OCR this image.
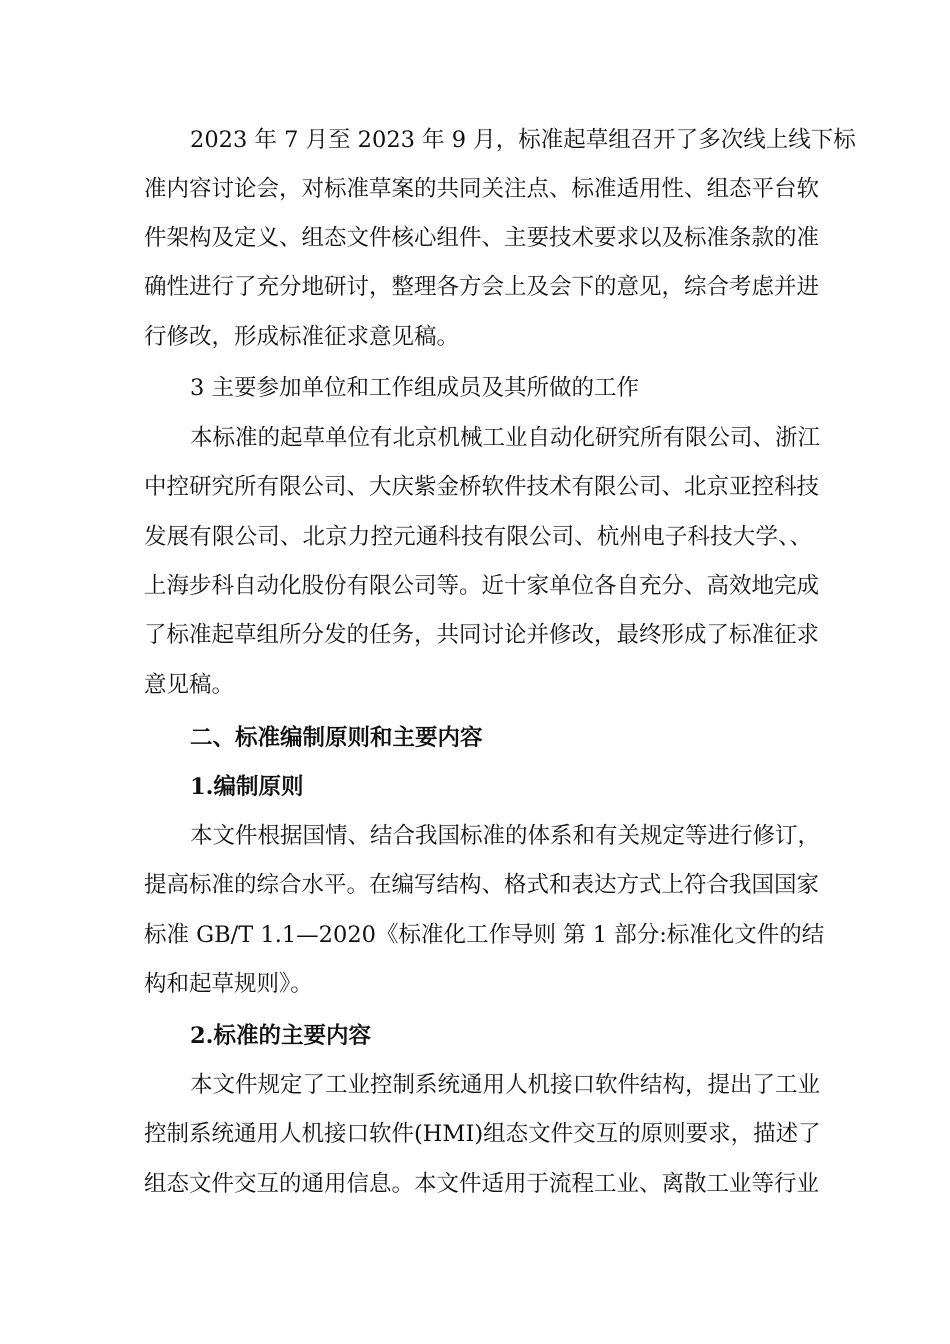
2023 年 7 月至 2023 年 9 月，标准起草组召开了多次线上线下标
准内容讨论会，对标准草案的共同关注点、标准适用性、组态平台软
件架构及定义、组态文件核心组件、主要技术要求以及标准条款的准
确性进行了充分地研讨，整理各方会上及会下的意见，综合考虑并进
行修改，形成标准征求意见稿。
3 主要参加单位和工作组成员及其所做的工作
本标准的起草单位有北京机械工业自动化研究所有限公司、浙江
中控研究所有限公司、大庆紫金桥软件技术有限公司、北京亚控科技
发展有限公司、北京力控元通科技有限公司、杭州电子科技大学、、
上海步科自动化股份有限公司等。近十家单位各自充分、高效地完成
了标准起草组所分发的任务，共同讨论并修改，最终形成了标准征求
意见稿。
二、标准编制原则和主要内容
1.编制原则
本文件根据国情、结合我国标准的体系和有关规定等进行修订，
提高标准的综合水平。在编写结构、格式和表达方式上符合我国国家
标准 GB/T 1.1—2020《标准化工作导则 第 1 部分:标准化文件的结
构和起草规则》。
2.标准的主要内容
本文件规定了工业控制系统通用人机接口软件结构，提出了工业
控制系统通用人机接口软件(HMI)组态文件交互的原则要求，描述了
组态文件交互的通用信息。本文件适用于流程工业、离散工业等行业
